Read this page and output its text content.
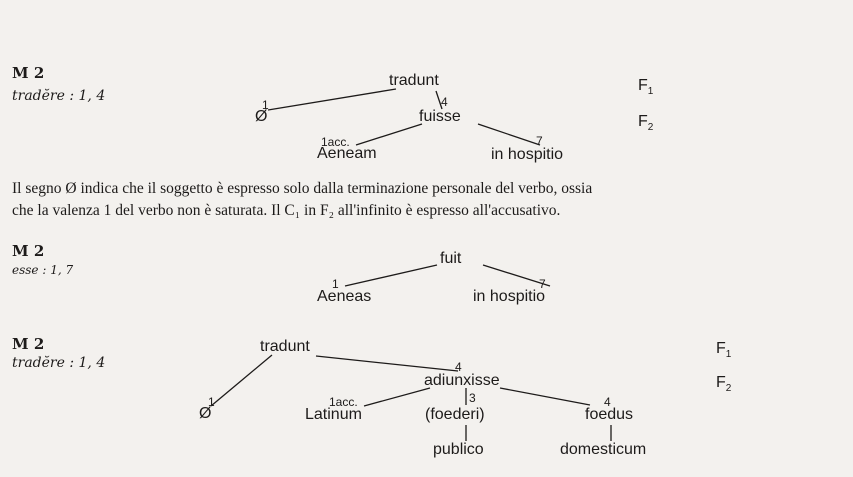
M 2
tradĕre : 1, 4
tradunt
1
Ø
4
fuisse
1acc.
Aeneam
7
in hospitio
$F_1$
$F_2$
Il segno Ø indica che il soggetto è espresso solo dalla terminazione personale del verbo, ossia
che la valenza 1 del verbo non è saturata. Il C₁ in F₂ all'infinito è espresso all'accusativo.
M 2
esse : 1, 7
fuit
1
Aeneas
7
in hospitio
M 2
tradĕre : 1, 4
tradunt
1
Ø
4
adiunxisse
1acc.
Latinum
3
(foederi)
4
foedus
publico	domesticum
$F_1$
$F_2$
